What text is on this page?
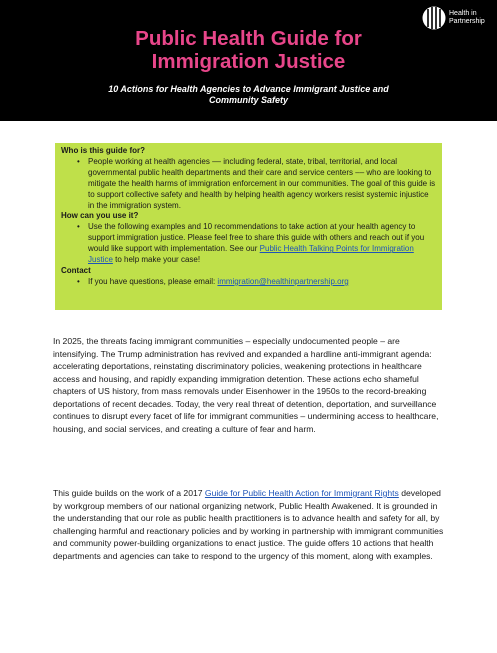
Health in Partnership
Public Health Guide for
Immigration Justice
10 Actions for Health Agencies to Advance Immigrant Justice and
Community Safety
Who is this guide for?
• People working at health agencies –– including federal, state, tribal, territorial, and local governmental public health departments and their care and service centers –– who are looking to mitigate the health harms of immigration enforcement in our communities. The goal of this guide is to support collective safety and health by helping health agency workers resist systemic injustice in the immigration system.
How can you use it?
• Use the following examples and 10 recommendations to take action at your health agency to support immigration justice. Please feel free to share this guide with others and reach out if you would like support with implementation. See our Public Health Talking Points for Immigration Justice to help make your case!
Contact
• If you have questions, please email: immigration@healthinpartnership.org

In 2025, the threats facing immigrant communities – especially undocumented people – are intensifying. The Trump administration has revived and expanded a hardline anti-immigrant agenda: accelerating deportations, reinstating discriminatory policies, weakening protections in healthcare access and housing, and rapidly expanding immigration detention. These actions echo shameful chapters of US history, from mass removals under Eisenhower in the 1950s to the record-breaking deportations of recent decades. Today, the very real threat of detention, deportation, and surveillance continues to disrupt every facet of life for immigrant communities – undermining access to healthcare, housing, and social services, and creating a culture of fear and harm.

This guide builds on the work of a 2017 Guide for Public Health Action for Immigrant Rights developed by workgroup members of our national organizing network, Public Health Awakened. It is grounded in the understanding that our role as public health practitioners is to advance health and safety for all, by challenging harmful and reactionary policies and by working in partnership with immigrant communities and community power-building organizations to enact justice. The guide offers 10 actions that health departments and agencies can take to respond to the urgency of this moment, along with examples.
